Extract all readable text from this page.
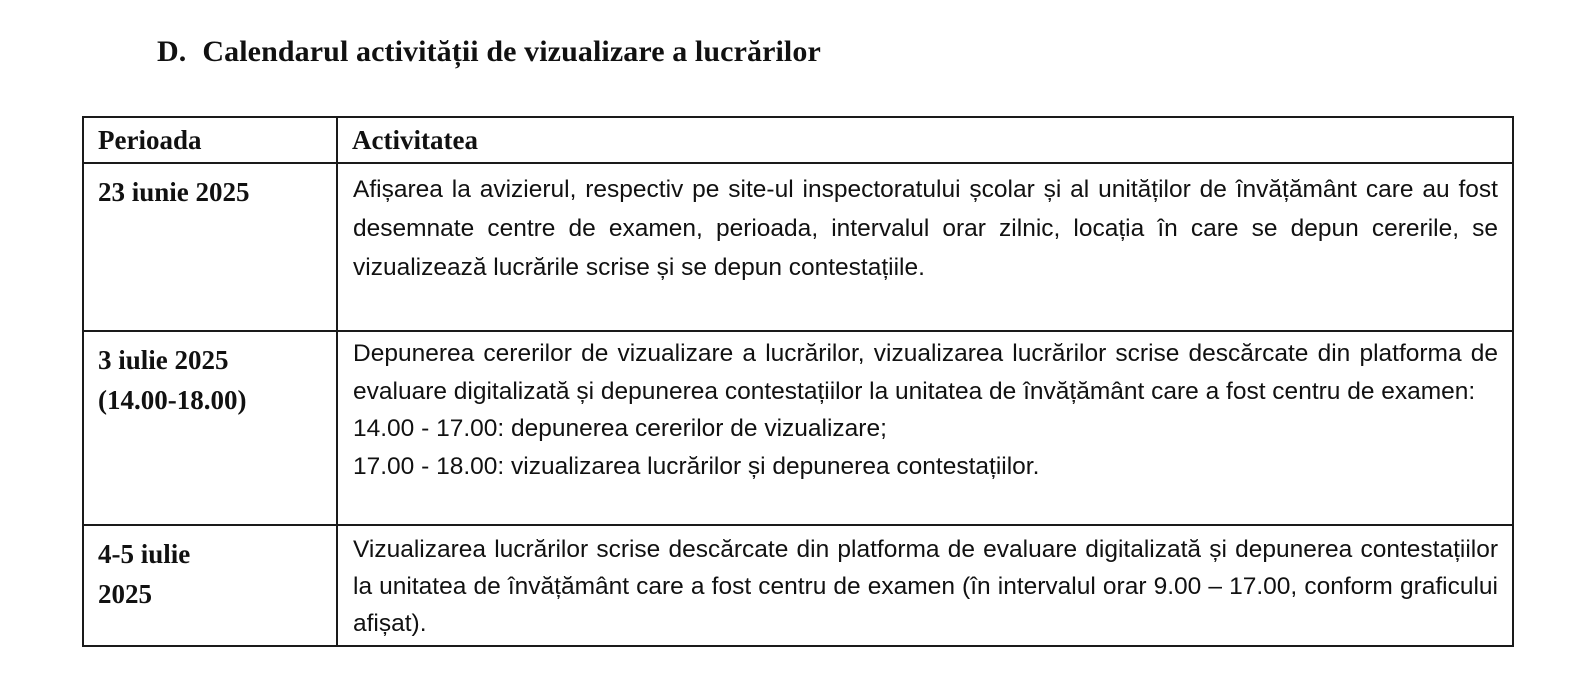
D. Calendarul activității de vizualizare a lucrărilor
Perioada	Activitatea

23 iunie 2025	Afișarea la avizierul, respectiv pe site-ul inspectoratului școlar și al unităților de învățământ care au fost desemnate centre de examen, perioada, intervalul orar zilnic, locația în care se depun cererile, se vizualizează lucrările scrise și se depun contestațiile.

3 iulie 2025
(14.00-18.00)	Depunerea cererilor de vizualizare a lucrărilor, vizualizarea lucrărilor scrise descărcate din platforma de evaluare digitalizată și depunerea contestațiilor la unitatea de învățământ care a fost centru de examen:
14.00 - 17.00: depunerea cererilor de vizualizare;
17.00 - 18.00: vizualizarea lucrărilor și depunerea contestațiilor.

4-5 iulie
2025	Vizualizarea lucrărilor scrise descărcate din platforma de evaluare digitalizată și depunerea contestațiilor la unitatea de învățământ care a fost centru de examen (în intervalul orar 9.00 – 17.00, conform graficului afișat).
